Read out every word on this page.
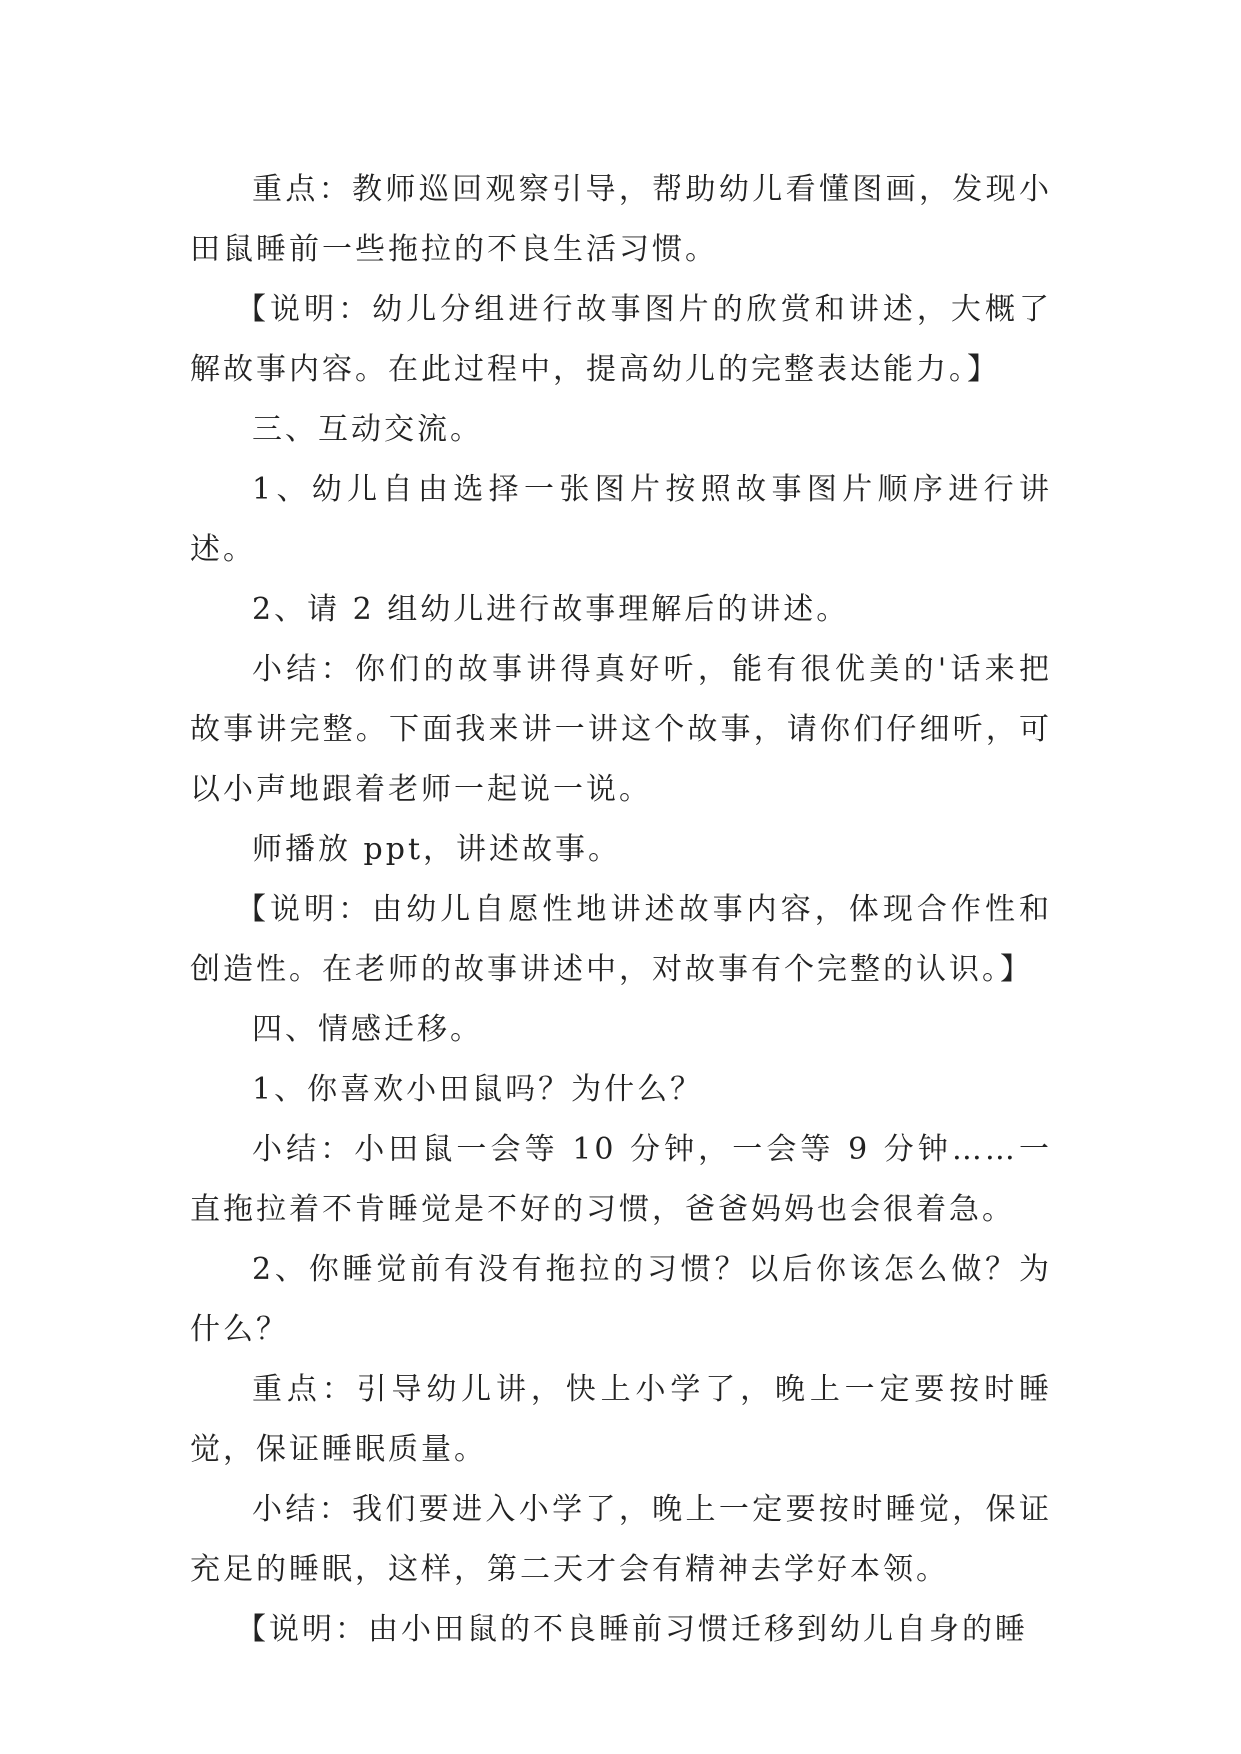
重点：教师巡回观察引导，帮助幼儿看懂图画，发现小田鼠睡前一些拖拉的不良生活习惯。

【说明：幼儿分组进行故事图片的欣赏和讲述，大概了解故事内容。在此过程中，提高幼儿的完整表达能力。】

三、互动交流。

1、幼儿自由选择一张图片按照故事图片顺序进行讲述。

2、请 2 组幼儿进行故事理解后的讲述。

小结：你们的故事讲得真好听，能有很优美的'话来把故事讲完整。下面我来讲一讲这个故事，请你们仔细听，可以小声地跟着老师一起说一说。

师播放 ppt，讲述故事。

【说明：由幼儿自愿性地讲述故事内容，体现合作性和创造性。在老师的故事讲述中，对故事有个完整的认识。】

四、情感迁移。

1、你喜欢小田鼠吗？为什么？

小结：小田鼠一会等 10 分钟，一会等 9 分钟……一直拖拉着不肯睡觉是不好的习惯，爸爸妈妈也会很着急。

2、你睡觉前有没有拖拉的习惯？以后你该怎么做？为什么？

重点：引导幼儿讲，快上小学了，晚上一定要按时睡觉，保证睡眠质量。

小结：我们要进入小学了，晚上一定要按时睡觉，保证充足的睡眠，这样，第二天才会有精神去学好本领。

【说明：由小田鼠的不良睡前习惯迁移到幼儿自身的睡
